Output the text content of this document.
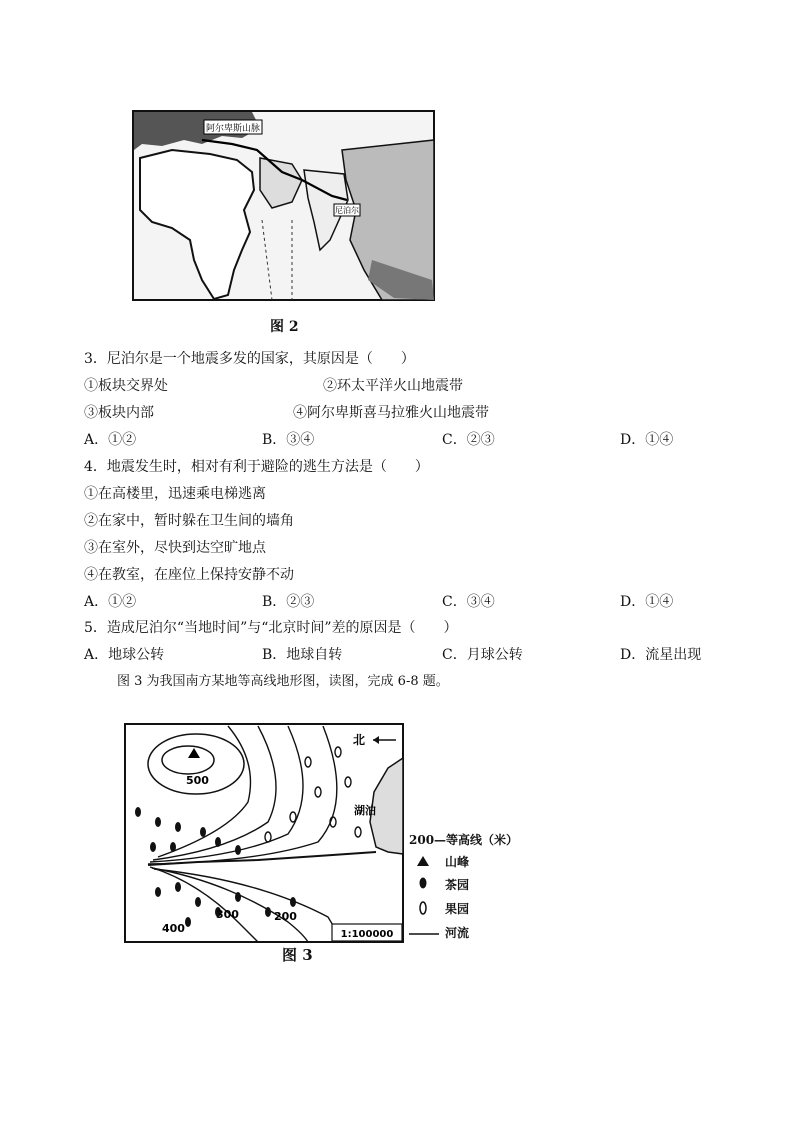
阿尔卑斯山脉
尼泊尔
图 2
3．尼泊尔是一个地震多发的国家，其原因是（　　）
①板块交界处	②环太平洋火山地震带
③板块内部	④阿尔卑斯喜马拉雅火山地震带
A．①②	B．③④	C．②③	D．①④
4．地震发生时，相对有利于避险的逃生方法是（　　）
①在高楼里，迅速乘电梯逃离
②在家中，暂时躲在卫生间的墙角
③在室外，尽快到达空旷地点
④在教室，在座位上保持安静不动
A．①②	B．②③	C．③④	D．①④
5．造成尼泊尔“当地时间”与“北京时间”差的原因是（　　）
A．地球公转	B．地球自转	C．月球公转	D．流星出现
图 3 为我国南方某地等高线地形图，读图，完成 6-8 题。
北
湖泊
500
400
300	200
1:100000
200—等高线（米）
山峰
茶园
果园
河流
图 3
